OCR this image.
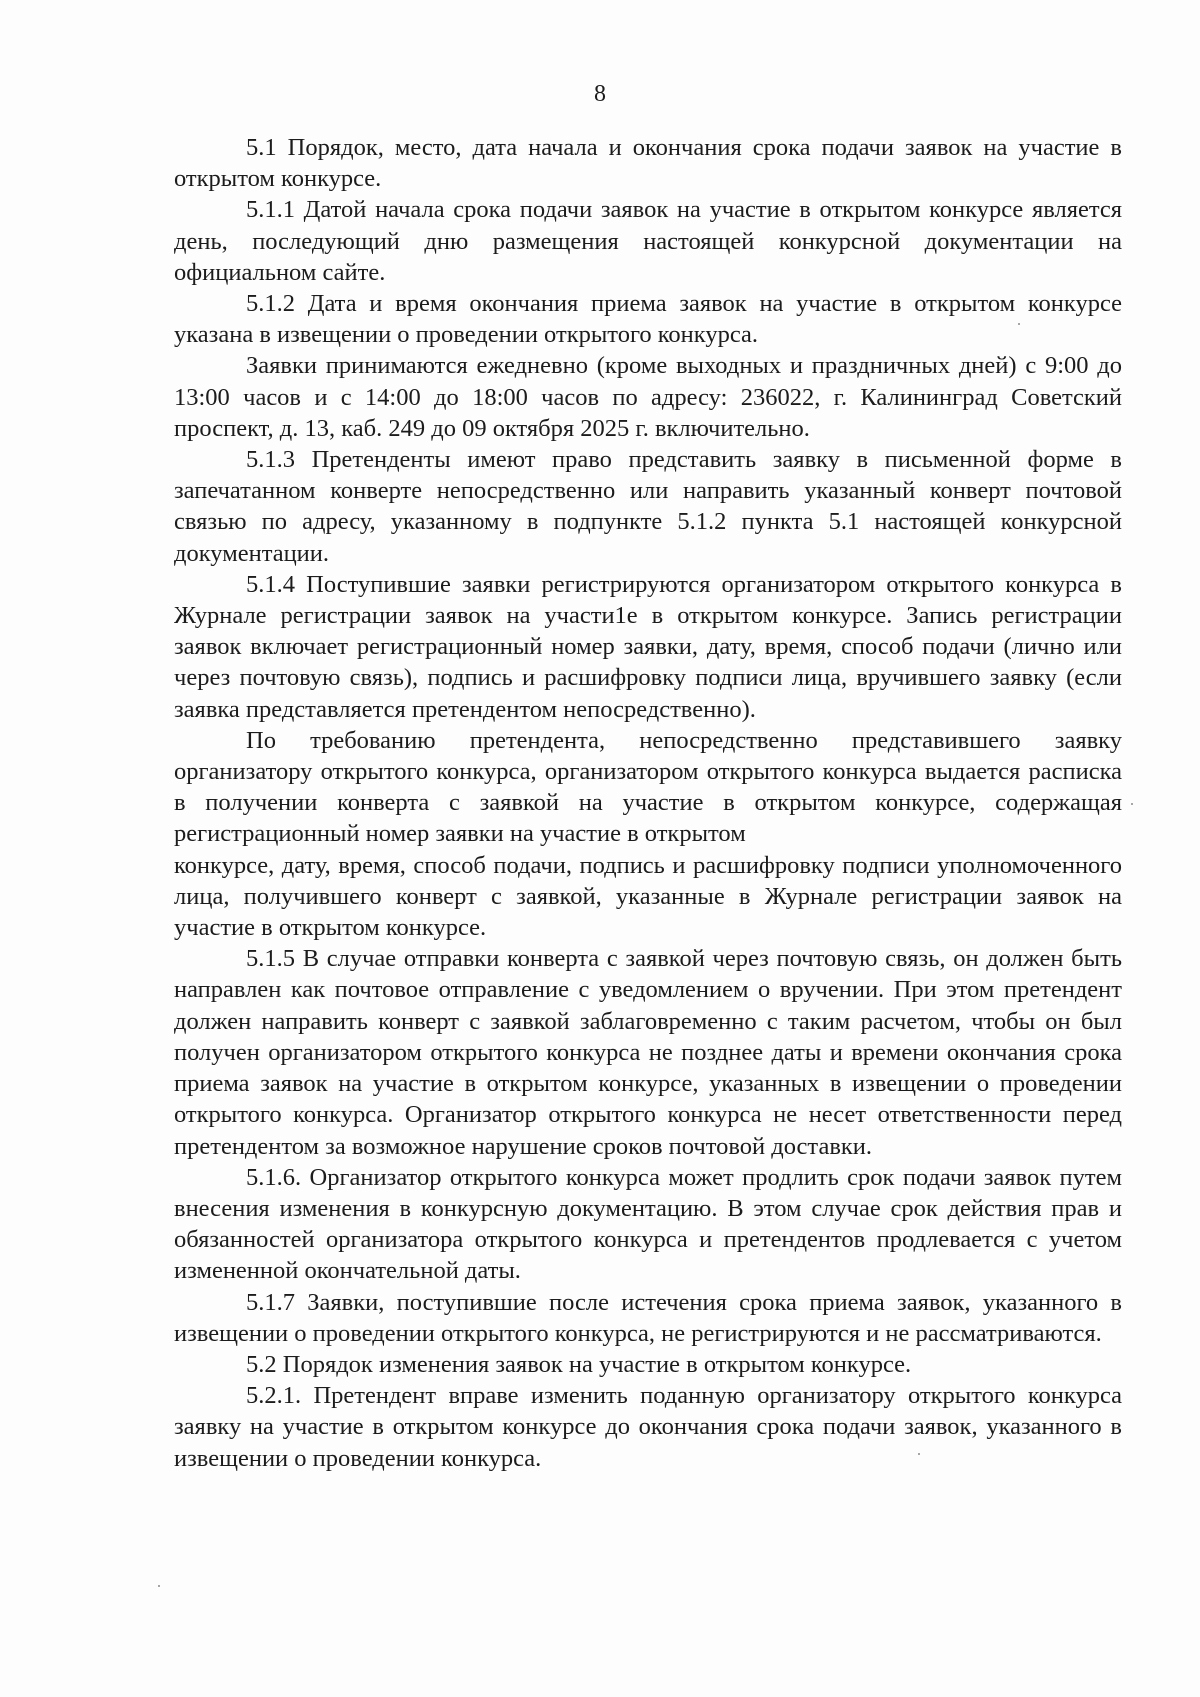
8

5.1 Порядок, место, дата начала и окончания срока подачи заявок на участие в открытом конкурсе.

5.1.1 Датой начала срока подачи заявок на участие в открытом конкурсе является день, последующий дню размещения настоящей конкурсной документации на официальном сайте.

5.1.2 Дата и время окончания приема заявок на участие в открытом конкурсе указана в извещении о проведении открытого конкурса.

Заявки принимаются ежедневно (кроме выходных и праздничных дней) с 9:00 до 13:00 часов и с 14:00 до 18:00 часов по адресу: 236022, г. Калининград Советский проспект, д. 13, каб. 249 до 09 октября 2025 г. включительно.

5.1.3 Претенденты имеют право представить заявку в письменной форме в запечатанном конверте непосредственно или направить указанный конверт почтовой связью по адресу, указанному в подпункте 5.1.2 пункта 5.1 настоящей конкурсной документации.

5.1.4 Поступившие заявки регистрируются организатором открытого конкурса в Журнале регистрации заявок на участи1е в открытом конкурсе. Запись регистрации заявок включает регистрационный номер заявки, дату, время, способ подачи (лично или через почтовую связь), подпись и расшифровку подписи лица, вручившего заявку (если заявка представляется претендентом непосредственно).

По требованию претендента, непосредственно представившего заявку организатору открытого конкурса, организатором открытого конкурса выдается расписка в получении конверта с заявкой на участие в открытом конкурсе, содержащая регистрационный номер заявки на участие в открытом

конкурсе, дату, время, способ подачи, подпись и расшифровку подписи уполномоченного лица, получившего конверт с заявкой, указанные в Журнале регистрации заявок на участие в открытом конкурсе.

5.1.5 В случае отправки конверта с заявкой через почтовую связь, он должен быть направлен как почтовое отправление с уведомлением о вручении. При этом претендент должен направить конверт с заявкой заблаговременно с таким расчетом, чтобы он был получен организатором открытого конкурса не позднее даты и времени окончания срока приема заявок на участие в открытом конкурсе, указанных в извещении о проведении открытого конкурса. Организатор открытого конкурса не несет ответственности перед претендентом за возможное нарушение сроков почтовой доставки.

5.1.6. Организатор открытого конкурса может продлить срок подачи заявок путем внесения изменения в конкурсную документацию. В этом случае срок действия прав и обязанностей организатора открытого конкурса и претендентов продлевается с учетом измененной окончательной даты.

5.1.7 Заявки, поступившие после истечения срока приема заявок, указанного в извещении о проведении открытого конкурса, не регистрируются и не рассматриваются.

5.2 Порядок изменения заявок на участие в открытом конкурсе.

5.2.1. Претендент вправе изменить поданную организатору открытого конкурса заявку на участие в открытом конкурсе до окончания срока подачи заявок, указанного в извещении о проведении конкурса.
